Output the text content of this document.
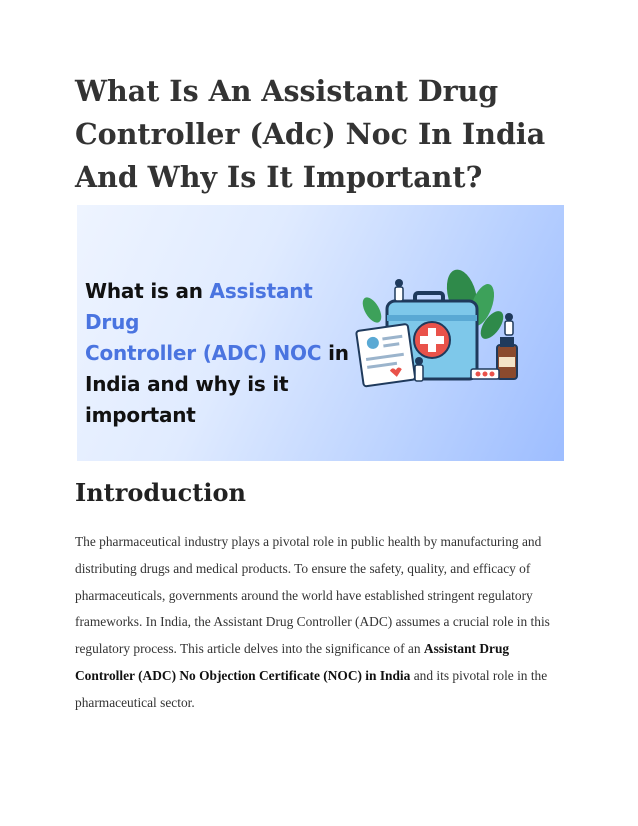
What Is An Assistant Drug Controller (Adc) Noc In India And Why Is It Important?
What is an Assistant Drug
Controller (ADC) NOC in
India and why is it
important
Introduction

The pharmaceutical industry plays a pivotal role in public health by manufacturing and distributing drugs and medical products. To ensure the safety, quality, and efficacy of pharmaceuticals, governments around the world have established stringent regulatory frameworks. In India, the Assistant Drug Controller (ADC) assumes a crucial role in this regulatory process. This article delves into the significance of an Assistant Drug Controller (ADC) No Objection Certificate (NOC) in India and its pivotal role in the pharmaceutical sector.
